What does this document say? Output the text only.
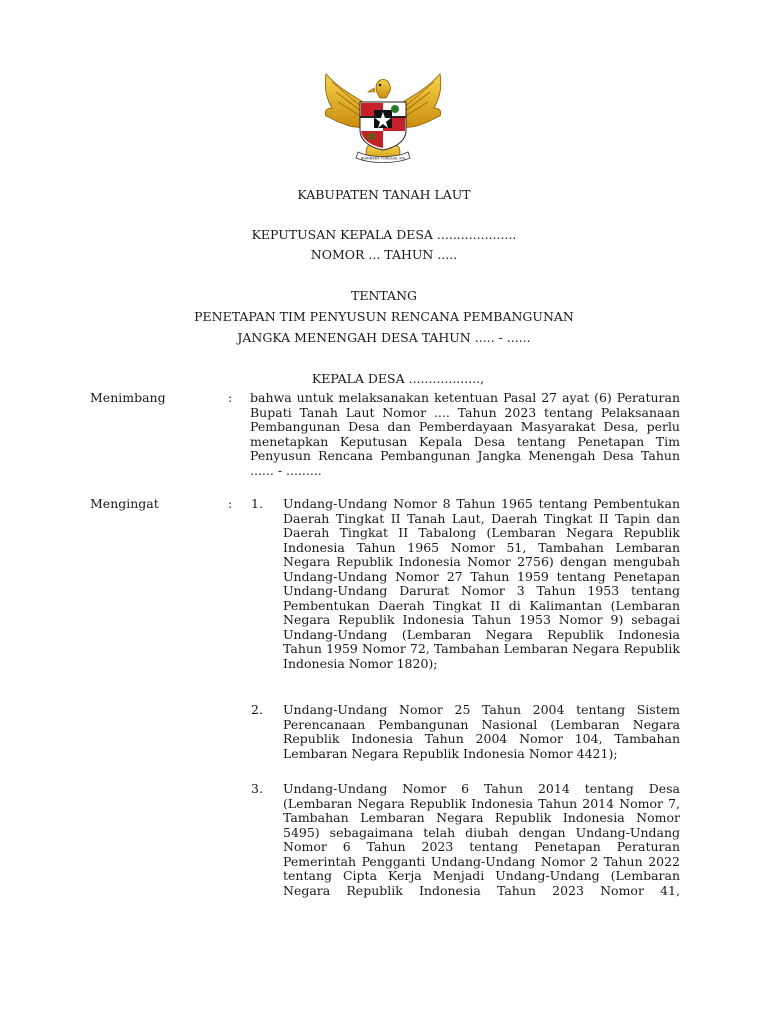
BHINNEKA TUNGGAL IKA
KABUPATEN TANAH LAUT
KEPUTUSAN KEPALA DESA ....................
NOMOR ... TAHUN .....
TENTANG
PENETAPAN TIM PENYUSUN RENCANA PEMBANGUNAN
JANGKA MENENGAH DESA TAHUN ..... - ......
KEPALA DESA ..................,
Menimbang	: bahwa untuk melaksanakan ketentuan Pasal 27 ayat (6) Peraturan Bupati Tanah Laut Nomor .... Tahun 2023 tentang Pelaksanaan Pembangunan Desa dan Pemberdayaan Masyarakat Desa, perlu menetapkan Keputusan Kepala Desa tentang Penetapan Tim Penyusun Rencana Pembangunan Jangka Menengah Desa Tahun ...... - .........
Mengingat	: 1. Undang-Undang Nomor 8 Tahun 1965 tentang Pembentukan Daerah Tingkat II Tanah Laut, Daerah Tingkat II Tapin dan Daerah Tingkat II Tabalong (Lembaran Negara Republik Indonesia Tahun 1965 Nomor 51, Tambahan Lembaran Negara Republik Indonesia Nomor 2756) dengan mengubah Undang-Undang Nomor 27 Tahun 1959 tentang Penetapan Undang-Undang Darurat Nomor 3 Tahun 1953 tentang Pembentukan Daerah Tingkat II di Kalimantan (Lembaran Negara Republik Indonesia Tahun 1953 Nomor 9) sebagai Undang-Undang (Lembaran Negara Republik Indonesia Tahun 1959 Nomor 72, Tambahan Lembaran Negara Republik Indonesia Nomor 1820);
2. Undang-Undang Nomor 25 Tahun 2004 tentang Sistem Perencanaan Pembangunan Nasional (Lembaran Negara Republik Indonesia Tahun 2004 Nomor 104, Tambahan Lembaran Negara Republik Indonesia Nomor 4421);
3. Undang-Undang Nomor 6 Tahun 2014 tentang Desa (Lembaran Negara Republik Indonesia Tahun 2014 Nomor 7, Tambahan Lembaran Negara Republik Indonesia Nomor 5495) sebagaimana telah diubah dengan Undang-Undang Nomor 6 Tahun 2023 tentang Penetapan Peraturan Pemerintah Pengganti Undang-Undang Nomor 2 Tahun 2022 tentang Cipta Kerja Menjadi Undang-Undang (Lembaran Negara Republik Indonesia Tahun 2023 Nomor 41,
